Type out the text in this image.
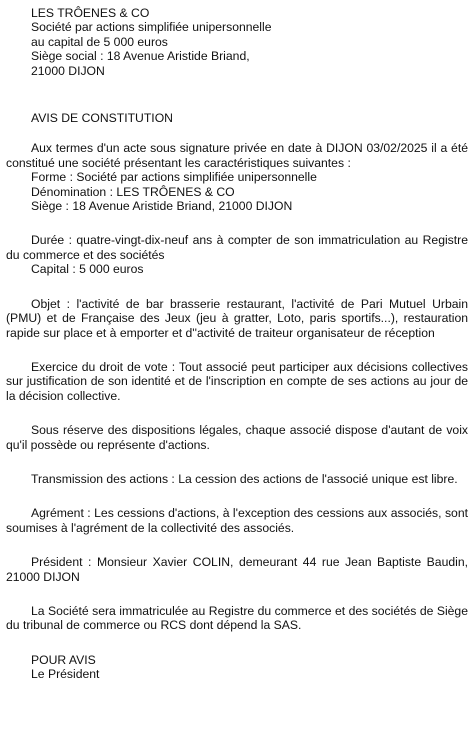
LES TRÔENES & CO
Société par actions simplifiée unipersonnelle
au capital de 5 000 euros
Siège social : 18 Avenue Aristide Briand,
21000 DIJON
AVIS DE CONSTITUTION

Aux termes d'un acte sous signature privée en date à DIJON 03/02/2025 il a été constitué une société présentant les caractéristiques suivantes :

Forme : Société par actions simplifiée unipersonnelle

Dénomination : LES TRÔENES & CO

Siège : 18 Avenue Aristide Briand, 21000 DIJON

Durée : quatre-vingt-dix-neuf ans à compter de son immatriculation au Registre du commerce et des sociétés

Capital : 5 000 euros

Objet : l'activité de bar brasserie restaurant, l'activité de Pari Mutuel Urbain (PMU) et de Française des Jeux (jeu à gratter, Loto, paris sportifs...), restauration rapide sur place et à emporter et d''activité de traiteur organisateur de réception

Exercice du droit de vote : Tout associé peut participer aux décisions collectives sur justification de son identité et de l'inscription en compte de ses actions au jour de la décision collective.

Sous réserve des dispositions légales, chaque associé dispose d'autant de voix qu'il possède ou représente d'actions.

Transmission des actions : La cession des actions de l'associé unique est libre.

Agrément : Les cessions d'actions, à l'exception des cessions aux associés, sont soumises à l'agrément de la collectivité des associés.

Président : Monsieur Xavier COLIN, demeurant 44 rue Jean Baptiste Baudin, 21000 DIJON

La Société sera immatriculée au Registre du commerce et des sociétés de Siège du tribunal de commerce ou RCS dont dépend la SAS.

POUR AVIS
Le Président
